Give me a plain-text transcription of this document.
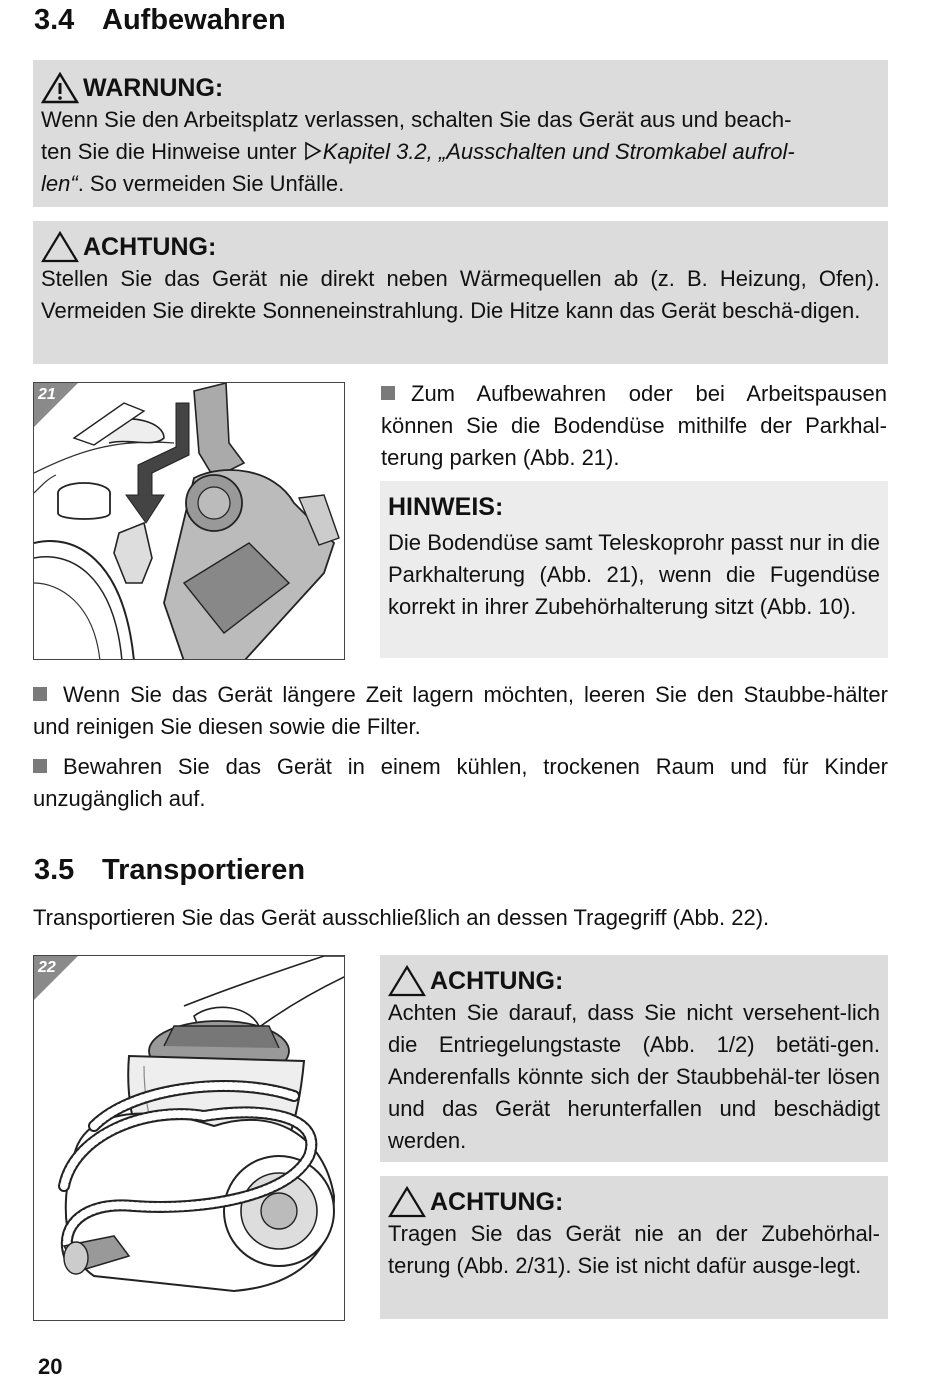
3.4 Aufbewahren
WARNUNG:

Wenn Sie den Arbeitsplatz verlassen, schalten Sie das Gerät aus und beach-
ten Sie die Hinweise unter Kapitel 3.2, „Ausschalten und Stromkabel aufrol-
len“. So vermeiden Sie Unfälle.

ACHTUNG:

Stellen Sie das Gerät nie direkt neben Wärmequellen ab (z. B. Heizung, Ofen). Vermeiden Sie direkte Sonneneinstrahlung. Die Hitze kann das Gerät beschä-digen.

21	Zum Aufbewahren oder bei Arbeitspausen können Sie die Bodendüse mithilfe der Parkhal-terung parken (Abb. 21).

HINWEIS:

Die Bodendüse samt Teleskoprohr passt nur in die Parkhalterung (Abb. 21), wenn die Fugendüse korrekt in ihrer Zubehörhalterung sitzt (Abb. 10).

Wenn Sie das Gerät längere Zeit lagern möchten, leeren Sie den Staubbe-hälter und reinigen Sie diesen sowie die Filter.

Bewahren Sie das Gerät in einem kühlen, trockenen Raum und für Kinder unzugänglich auf.

3.5 Transportieren

Transportieren Sie das Gerät ausschließlich an dessen Tragegriff (Abb. 22).

22	ACHTUNG:

Achten Sie darauf, dass Sie nicht versehent-lich die Entriegelungstaste (Abb. 1/2) betäti-gen. Anderenfalls könnte sich der Staubbehäl-ter lösen und das Gerät herunterfallen und beschädigt werden.

ACHTUNG:

Tragen Sie das Gerät nie an der Zubehörhal-terung (Abb. 2/31). Sie ist nicht dafür ausge-legt.

20
